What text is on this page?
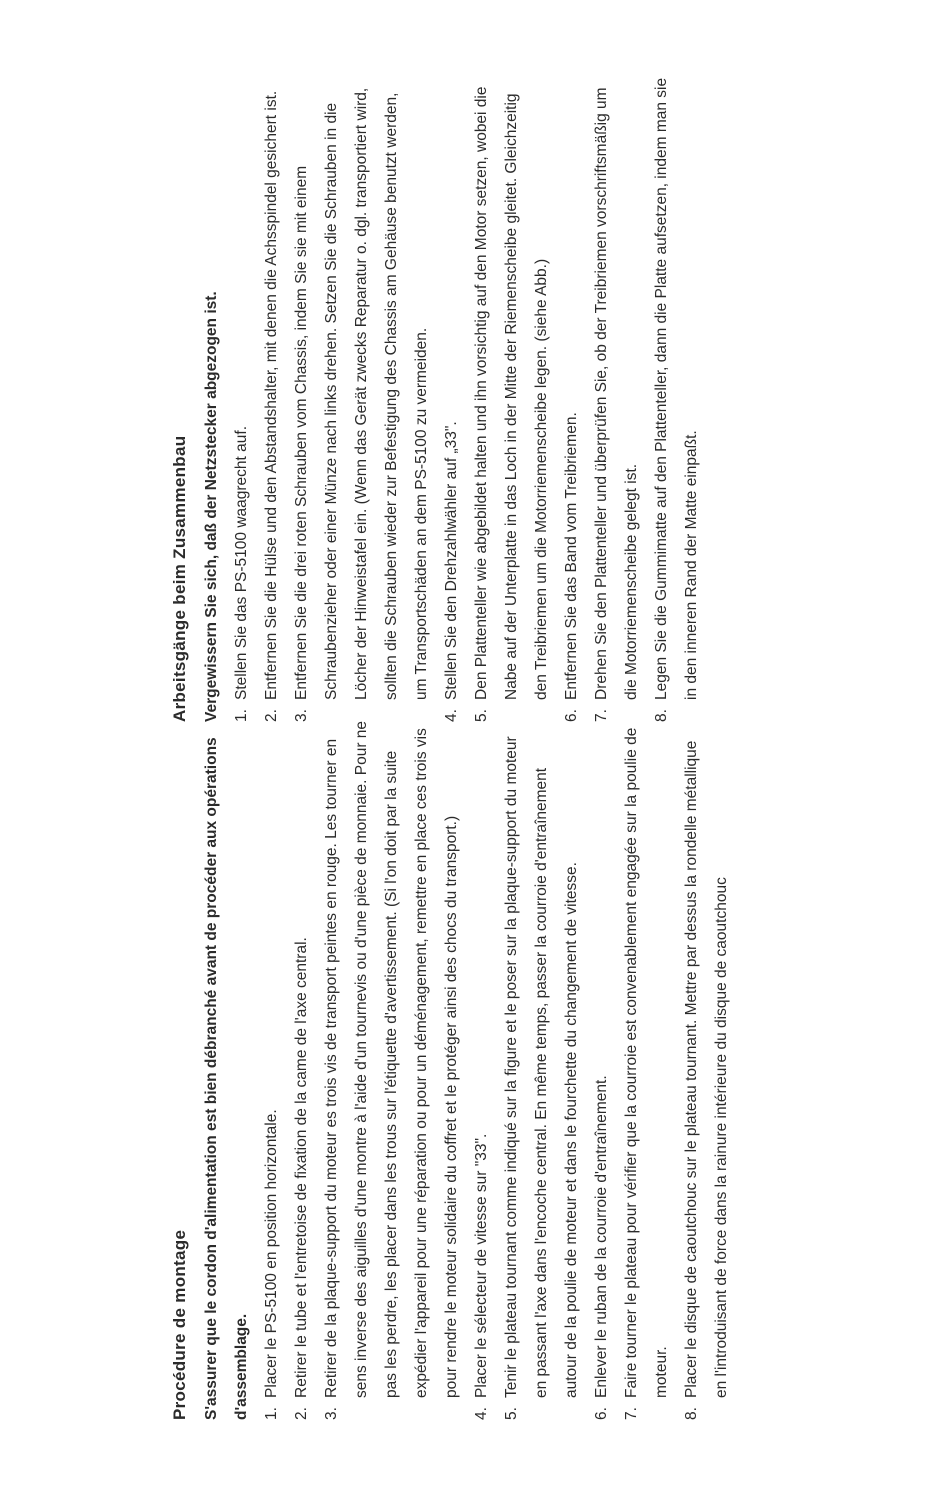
Procédure de montage S'assurer que le cordon d'alimentation est bien débranché avant de procéder aux opérations d'assemblage. 1.
Placer le PS-5100 en position horizontale.
2.
Retirer le tube et l'entretoise de fixation de la came de l'axe central.
3.
Retirer de la plaque-support du moteur es trois vis de transport peintes en rouge. Les tourner en sens inverse des aiguilles d'une montre à l'aide d'un tournevis ou d'une pièce de monnaie. Pour ne pas les perdre, les placer dans les trous sur l'étiquette d'avertissement. (Si l'on doit par la suite expédier l'appareil pour une réparation ou pour un déménagement, remettre en place ces trois vis pour rendre le moteur solidaire du coffret et le protéger ainsi des chocs du transport.)
4.
Placer le sélecteur de vitesse sur "33".
5.
Tenir le plateau tournant comme indiqué sur la figure et le poser sur la plaque-support du moteur en passant l'axe dans l'encoche central. En même temps, passer la courroie d'entraînement autour de la poulie de moteur et dans le fourchette du changement de vitesse.
6.
Enlever le ruban de la courroie d'entraînement.
7.
Faire tourner le plateau pour vérifier que la courroie est convenablement engagée sur la poulie de moteur.
8.
Placer le disque de caoutchouc sur le plateau tournant. Mettre par dessus la rondelle métallique en l'introduisant de force dans la rainure intérieure du disque de caoutchouc

Arbeitsgänge beim Zusammenbau Vergewissern Sie sich, daß der Netzstecker abgezogen ist. 1.
Stellen Sie das PS-5100 waagrecht auf.
2.
Entfernen Sie die Hülse und den Abstandshalter, mit denen die Achsspindel gesichert ist.
3.
Entfernen Sie die drei roten Schrauben vom Chassis, indem Sie sie mit einem Schraubenzieher oder einer Münze nach links drehen. Setzen Sie die Schrauben in die Löcher der Hinweistafel ein. (Wenn das Gerät zwecks Reparatur o. dgl. transportiert wird, sollten die Schrauben wieder zur Befestigung des Chassis am Gehäuse benutzt werden, um Transportschäden an dem PS-5100 zu vermeiden.
4.
Stellen Sie den Drehzahlwähler auf „33".
5.
Den Plattenteller wie abgebildet halten und ihn vorsichtig auf den Motor setzen, wobei die Nabe auf der Unterplatte in das Loch in der Mitte der Riemenscheibe gleitet. Gleichzeitig den Treibriemen um die Motorriemenscheibe legen. (siehe Abb.)
6.
Entfernen Sie das Band vom Treibriemen.
7.
Drehen Sie den Plattenteller und überprüfen Sie, ob der Treibriemen vorschriftsmäßig um die Motorriemenscheibe gelegt ist.
8.
Legen Sie die Gummimatte auf den Plattenteller, dann die Platte aufsetzen, indem man sie in den inneren Rand der Matte einpaßt.
